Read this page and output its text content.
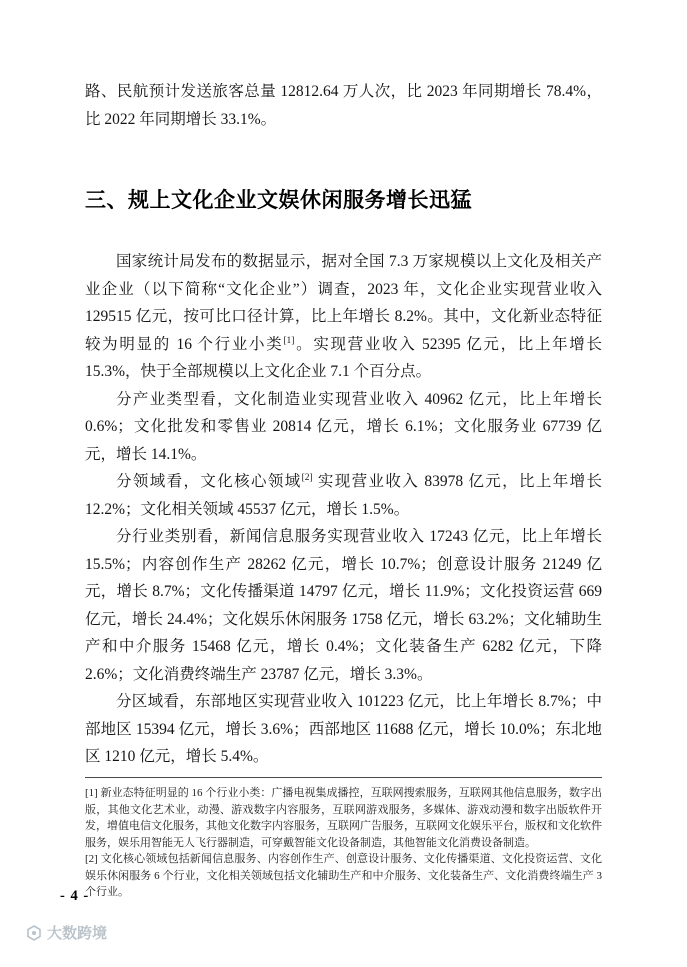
路、民航预计发送旅客总量 12812.64 万人次，比 2023 年同期增长 78.4%，比 2022 年同期增长 33.1%。

三、规上文化企业文娱休闲服务增长迅猛

国家统计局发布的数据显示，据对全国 7.3 万家规模以上文化及相关产业企业（以下简称“文化企业”）调查，2023 年，文化企业实现营业收入 129515 亿元，按可比口径计算，比上年增长 8.2%。其中，文化新业态特征较为明显的 16 个行业小类[1]。实现营业收入 52395 亿元，比上年增长 15.3%，快于全部规模以上文化企业 7.1 个百分点。

分产业类型看，文化制造业实现营业收入 40962 亿元，比上年增长 0.6%；文化批发和零售业 20814 亿元，增长 6.1%；文化服务业 67739 亿元，增长 14.1%。

分领域看，文化核心领域[2] 实现营业收入 83978 亿元，比上年增长 12.2%；文化相关领域 45537 亿元，增长 1.5%。

分行业类别看，新闻信息服务实现营业收入 17243 亿元，比上年增长 15.5%；内容创作生产 28262 亿元，增长 10.7%；创意设计服务 21249 亿元，增长 8.7%；文化传播渠道 14797 亿元，增长 11.9%；文化投资运营 669 亿元，增长 24.4%；文化娱乐休闲服务 1758 亿元，增长 63.2%；文化辅助生产和中介服务 15468 亿元，增长 0.4%；文化装备生产 6282 亿元，下降 2.6%；文化消费终端生产 23787 亿元，增长 3.3%。

分区域看，东部地区实现营业收入 101223 亿元，比上年增长 8.7%；中部地区 15394 亿元，增长 3.6%；西部地区 11688 亿元，增长 10.0%；东北地区 1210 亿元，增长 5.4%。

[1] 新业态特征明显的 16 个行业小类：广播电视集成播控，互联网搜索服务，互联网其他信息服务，数字出版，其他文化艺术业，动漫、游戏数字内容服务，互联网游戏服务，多媒体、游戏动漫和数字出版软件开发，增值电信文化服务，其他文化数字内容服务，互联网广告服务，互联网文化娱乐平台，版权和文化软件服务，娱乐用智能无人飞行器制造，可穿戴智能文化设备制造，其他智能文化消费设备制造。

[2] 文化核心领域包括新闻信息服务、内容创作生产、创意设计服务、文化传播渠道、文化投资运营、文化娱乐休闲服务 6 个行业，文化相关领域包括文化辅助生产和中介服务、文化装备生产、文化消费终端生产 3 个行业。

- 4 -
大数跨境
